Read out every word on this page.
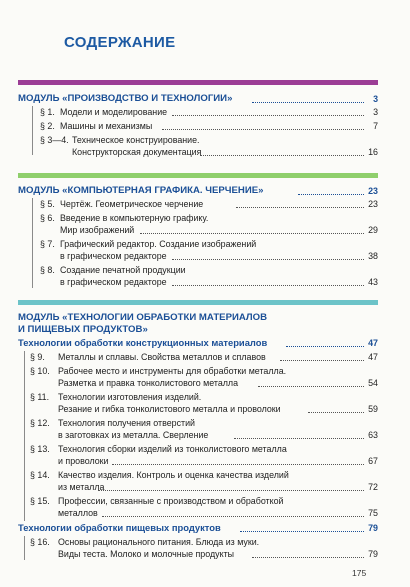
СОДЕРЖАНИЕ
МОДУЛЬ «ПРОИЗВОДСТВО И ТЕХНОЛОГИИ»	3
§ 1. Модели и моделирование	3
§ 2. Машины и механизмы	7
§ 3—4. Техническое конструирование.
Конструкторская документация	16
МОДУЛЬ «КОМПЬЮТЕРНАЯ ГРАФИКА. ЧЕРЧЕНИЕ»	23
§ 5. Чертёж. Геометрическое черчение	23
§ 6. Введение в компьютерную графику.
Мир изображений	29
§ 7. Графический редактор. Создание изображений
в графическом редакторе	38
§ 8. Создание печатной продукции
в графическом редакторе	43
МОДУЛЬ «ТЕХНОЛОГИИ ОБРАБОТКИ МАТЕРИАЛОВ
И ПИЩЕВЫХ ПРОДУКТОВ»
Технологии обработки конструкционных материалов	47
§ 9. Металлы и сплавы. Свойства металлов и сплавов	47
§ 10. Рабочее место и инструменты для обработки металла.
Разметка и правка тонколистового металла	54
§ 11. Технологии изготовления изделий.
Резание и гибка тонколистового металла и проволоки	59
§ 12. Технология получения отверстий
в заготовках из металла. Сверление	63
§ 13. Технология сборки изделий из тонколистового металла
и проволоки	67
§ 14. Качество изделия. Контроль и оценка качества изделий
из металла	72
§ 15. Профессии, связанные с производством и обработкой
металлов	75
Технологии обработки пищевых продуктов	79
§ 16. Основы рационального питания. Блюда из муки.
Виды теста. Молоко и молочные продукты	79
175
